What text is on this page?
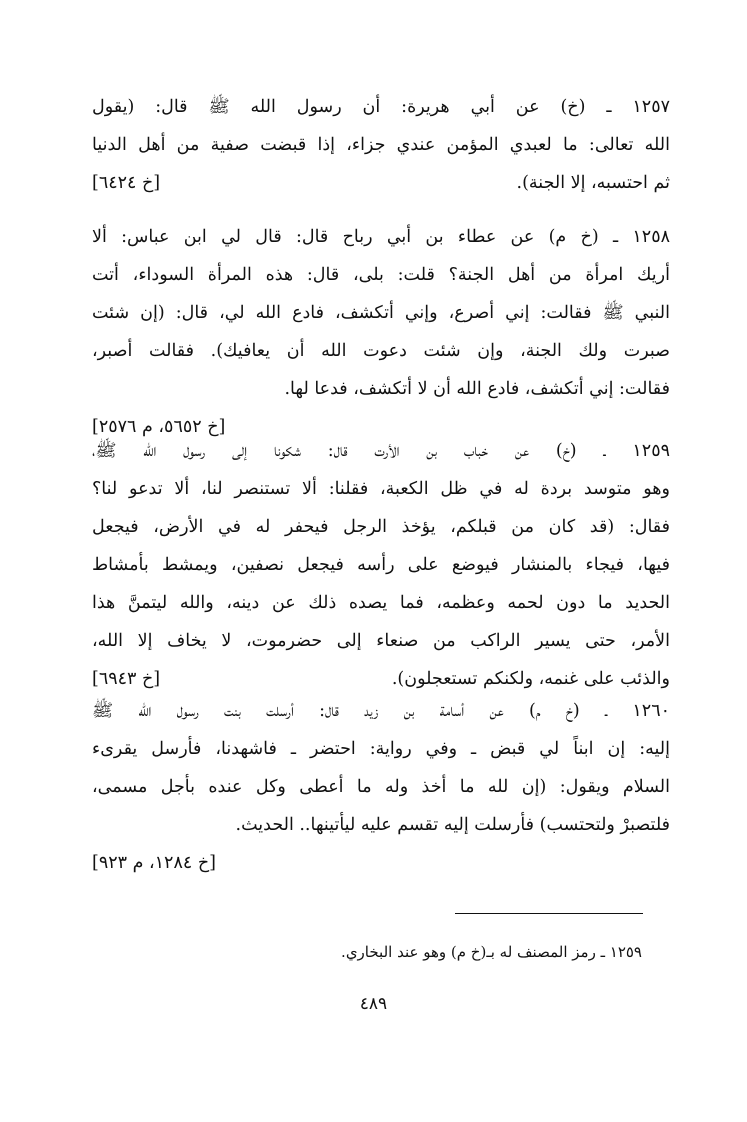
١٢٥٧ ـ (خ) عن أبي هريرة: أن رسول الله ﷺ قال: (يقول
الله تعالى: ما لعبدي المؤمن عندي جزاء، إذا قبضت صفية من أهل الدنيا
ثم احتسبه، إلا الجنة).
[خ ٦٤٢٤]
١٢٥٨ ـ (خ م) عن عطاء بن أبي رباح قال: قال لي ابن عباس: ألا
أريك امرأة من أهل الجنة؟ قلت: بلى، قال: هذه المرأة السوداء، أتت
النبي ﷺ فقالت: إني أصرع، وإني أتكشف، فادع الله لي، قال: (إن شئت
صبرت ولك الجنة، وإن شئت دعوت الله أن يعافيك). فقالت أصبر،
فقالت: إني أتكشف، فادع الله أن لا أتكشف، فدعا لها.
[خ ٥٦٥٢، م ٢٥٧٦]
١٢٥٩ ـ (خ) عن خباب بن الأرت قال: شكونا إلى رسول الله ﷺ،
وهو متوسد بردة له في ظل الكعبة، فقلنا: ألا تستنصر لنا، ألا تدعو لنا؟
فقال: (قد كان من قبلكم، يؤخذ الرجل فيحفر له في الأرض، فيجعل
فيها، فيجاء بالمنشار فيوضع على رأسه فيجعل نصفين، ويمشط بأمشاط
الحديد ما دون لحمه وعظمه، فما يصده ذلك عن دينه، والله ليتمنَّ هذا
الأمر، حتى يسير الراكب من صنعاء إلى حضرموت، لا يخاف إلا الله،
والذئب على غنمه، ولكنكم تستعجلون).
[خ ٦٩٤٣]
١٢٦٠ ـ (خ م) عن أسامة بن زيد قال: أرسلت بنت رسول الله ﷺ
إليه: إن ابناً لي قبض ـ وفي رواية: احتضر ـ فاشهدنا، فأرسل يقرىء
السلام ويقول: (إن لله ما أخذ وله ما أعطى وكل عنده بأجل مسمى،
فلتصبرْ ولتحتسب) فأرسلت إليه تقسم عليه ليأتينها.. الحديث.
[خ ١٢٨٤، م ٩٢٣]
١٢٥٩ ـ رمز المصنف له بـ(خ م) وهو عند البخاري.
٤٨٩
